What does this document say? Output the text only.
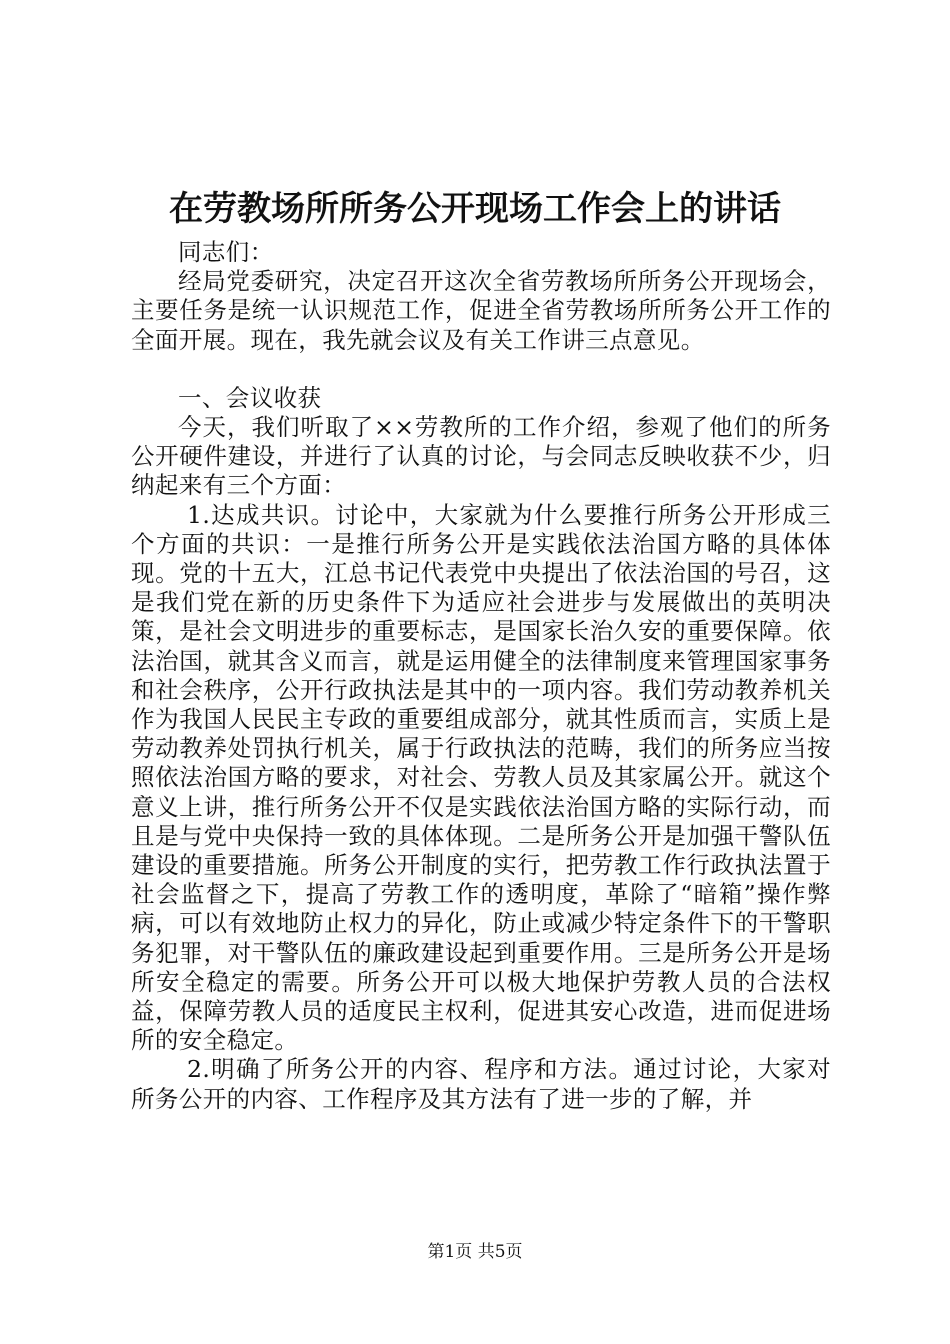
在劳教场所所务公开现场工作会上的讲话

同志们：

经局党委研究，决定召开这次全省劳教场所所务公开现场会，主要任务是统一认识规范工作，促进全省劳教场所所务公开工作的全面开展。现在，我先就会议及有关工作讲三点意见。

一、会议收获

今天，我们听取了××劳教所的工作介绍，参观了他们的所务公开硬件建设，并进行了认真的讨论，与会同志反映收获不少，归纳起来有三个方面：

1.达成共识。讨论中，大家就为什么要推行所务公开形成三个方面的共识：一是推行所务公开是实践依法治国方略的具体体现。党的十五大，江总书记代表党中央提出了依法治国的号召，这是我们党在新的历史条件下为适应社会进步与发展做出的英明决策，是社会文明进步的重要标志，是国家长治久安的重要保障。依法治国，就其含义而言，就是运用健全的法律制度来管理国家事务和社会秩序，公开行政执法是其中的一项内容。我们劳动教养机关作为我国人民民主专政的重要组成部分，就其性质而言，实质上是劳动教养处罚执行机关，属于行政执法的范畴，我们的所务应当按照依法治国方略的要求，对社会、劳教人员及其家属公开。就这个意义上讲，推行所务公开不仅是实践依法治国方略的实际行动，而且是与党中央保持一致的具体体现。二是所务公开是加强干警队伍建设的重要措施。所务公开制度的实行，把劳教工作行政执法置于社会监督之下，提高了劳教工作的透明度，革除了“暗箱”操作弊病，可以有效地防止权力的异化，防止或减少特定条件下的干警职务犯罪，对干警队伍的廉政建设起到重要作用。三是所务公开是场所安全稳定的需要。所务公开可以极大地保护劳教人员的合法权益，保障劳教人员的适度民主权利，促进其安心改造，进而促进场所的安全稳定。

2.明确了所务公开的内容、程序和方法。通过讨论，大家对所务公开的内容、工作程序及其方法有了进一步的了解，并

第1页 共5页
